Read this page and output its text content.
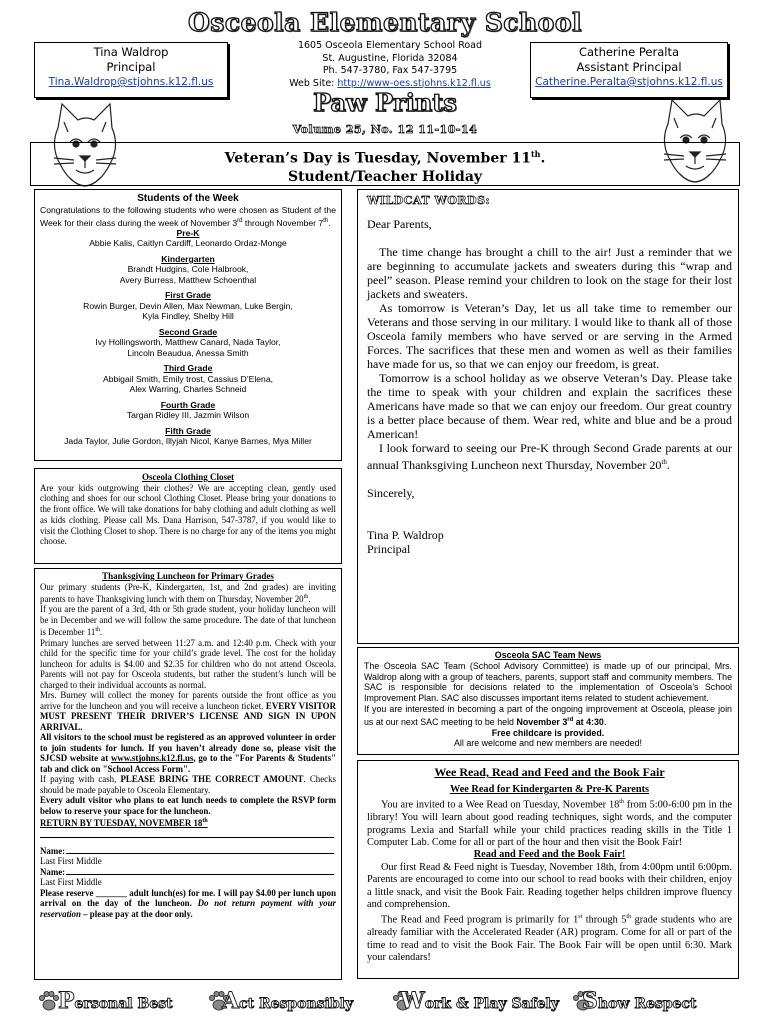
Osceola Elementary School
Tina Waldrop
Principal
Tina.Waldrop@stjohns.k12.fl.us
1605 Osceola Elementary School Road
St. Augustine, Florida 32084
Ph. 547-3780, Fax 547-3795
Web Site: http://www-oes.stjohns.k12.fl.us
Catherine Peralta
Assistant Principal
Catherine.Peralta@stjohns.k12.fl.us
Paw Prints
Volume 25, No. 12 11-10-14
Veteran’s Day is Tuesday, November 11th.
Student/Teacher Holiday
Students of the Week
Congratulations to the following students who were chosen as Student of the Week for their class during the week of November 3rd through November 7th.
Pre-K
Abbie Kalis, Caitlyn Cardiff, Leonardo Ordaz-Monge
Kindergarten
Brandt Hudgins, Cole Halbrook,
Avery Burress, Matthew Schoenthal
First Grade
Rowin Burger, Devin Allen, Max Newman, Luke Bergin,
Kyla Findley, Shelby Hill
Second Grade
Ivy Hollingsworth, Matthew Canard, Nada Taylor,
Lincoln Beaudua, Anessa Smith
Third Grade
Abbigail Smith, Emily trost, Cassius D’Elena,
Alex Warring, Charles Schneid
Fourth Grade
Targan Ridley III, Jazmin Wilson
Fifth Grade
Jada Taylor, Julie Gordon, Illyjah Nicol, Kanye Barnes, Mya Miller
Osceola Clothing Closet
Are your kids outgrowing their clothes? We are accepting clean, gently used clothing and shoes for our school Clothing Closet. Please bring your donations to the front office. We will take donations for baby clothing and adult clothing as well as kids clothing. Please call Ms. Dana Harrison, 547-3787, if you would like to visit the Clothing Closet to shop. There is no charge for any of the items you might choose.
Thanksgiving Luncheon for Primary Grades
Our primary students (Pre-K, Kindergarten, 1st, and 2nd grades) are inviting parents to have Thanksgiving lunch with them on Thursday, November 20th.
If you are the parent of a 3rd, 4th or 5th grade student, your holiday luncheon will be in December and we will follow the same procedure. The date of that luncheon is December 11th.
Primary lunches are served between 11:27 a.m. and 12:40 p.m. Check with your child for the specific time for your child’s grade level. The cost for the holiday luncheon for adults is $4.00 and $2.35 for children who do not attend Osceola. Parents will not pay for Osceola students, but rather the student’s lunch will be charged to their individual accounts as normal.
Mrs. Burney will collect the money for parents outside the front office as you arrive for the luncheon and you will receive a luncheon ticket. EVERY VISITOR MUST PRESENT THEIR DRIVER’S LICENSE AND SIGN IN UPON ARRIVAL.
All visitors to the school must be registered as an approved volunteer in order to join students for lunch. If you haven’t already done so, please visit the SJCSD website at www.stjohns.k12.fl.us, go to the "For Parents & Students" tab and click on "School Access Form".
If paying with cash, PLEASE BRING THE CORRECT AMOUNT. Checks should be made payable to Osceola Elementary.
Every adult visitor who plans to eat lunch needs to complete the RSVP form below to reserve your space for the luncheon.
RETURN BY TUESDAY, NOVEMBER 18th
Name:
Last First Middle
Name:
Last First Middle
Please reserve _______ adult lunch(es) for me. I will pay $4.00 per lunch upon arrival on the day of the luncheon. Do not return payment with your reservation – please pay at the door only.
WILDCAT WORDS:

Dear Parents,

The time change has brought a chill to the air! Just a reminder that we are beginning to accumulate jackets and sweaters during this “wrap and peel” season. Please remind your children to look on the stage for their lost jackets and sweaters.

As tomorrow is Veteran’s Day, let us all take time to remember our Veterans and those serving in our military. I would like to thank all of those Osceola family members who have served or are serving in the Armed Forces. The sacrifices that these men and women as well as their families have made for us, so that we can enjoy our freedom, is great.

Tomorrow is a school holiday as we observe Veteran’s Day. Please take the time to speak with your children and explain the sacrifices these Americans have made so that we can enjoy our freedom. Our great country is a better place because of them. Wear red, white and blue and be a proud American!

I look forward to seeing our Pre-K through Second Grade parents at our annual Thanksgiving Luncheon next Thursday, November 20th.

Sincerely,

Tina P. Waldrop

Principal

Osceola SAC Team News
The Osceola SAC Team (School Advisory Committee) is made up of our principal, Mrs. Waldrop along with a group of teachers, parents, support staff and community members. The SAC is responsible for decisions related to the implementation of Osceola’s School Improvement Plan. SAC also discusses important items related to student achievement.
If you are interested in becoming a part of the ongoing improvement at Osceola, please join us at our next SAC meeting to be held November 3rd at 4:30.
Free childcare is provided.
All are welcome and new members are needed!
Wee Read, Read and Feed and the Book Fair
Wee Read for Kindergarten & Pre-K Parents

You are invited to a Wee Read on Tuesday, November 18th from 5:00-6:00 pm in the library! You will learn about good reading techniques, sight words, and the computer programs Lexia and Starfall while your child practices reading skills in the Title 1 Computer Lab. Come for all or part of the hour and then visit the Book Fair!

Read and Feed and the Book Fair!

Our first Read & Feed night is Tuesday, November 18th, from 4:00pm until 6:00pm. Parents are encouraged to come into our school to read books with their children, enjoy a little snack, and visit the Book Fair. Reading together helps children improve fluency and comprehension.

The Read and Feed program is primarily for 1st through 5th grade students who are already familiar with the Accelerated Reader (AR) program. Come for all or part of the time to read and to visit the Book Fair. The Book Fair will be open until 6:30. Mark your calendars!

Personal Best Act Responsibly Work & Play Safely Show Respect
